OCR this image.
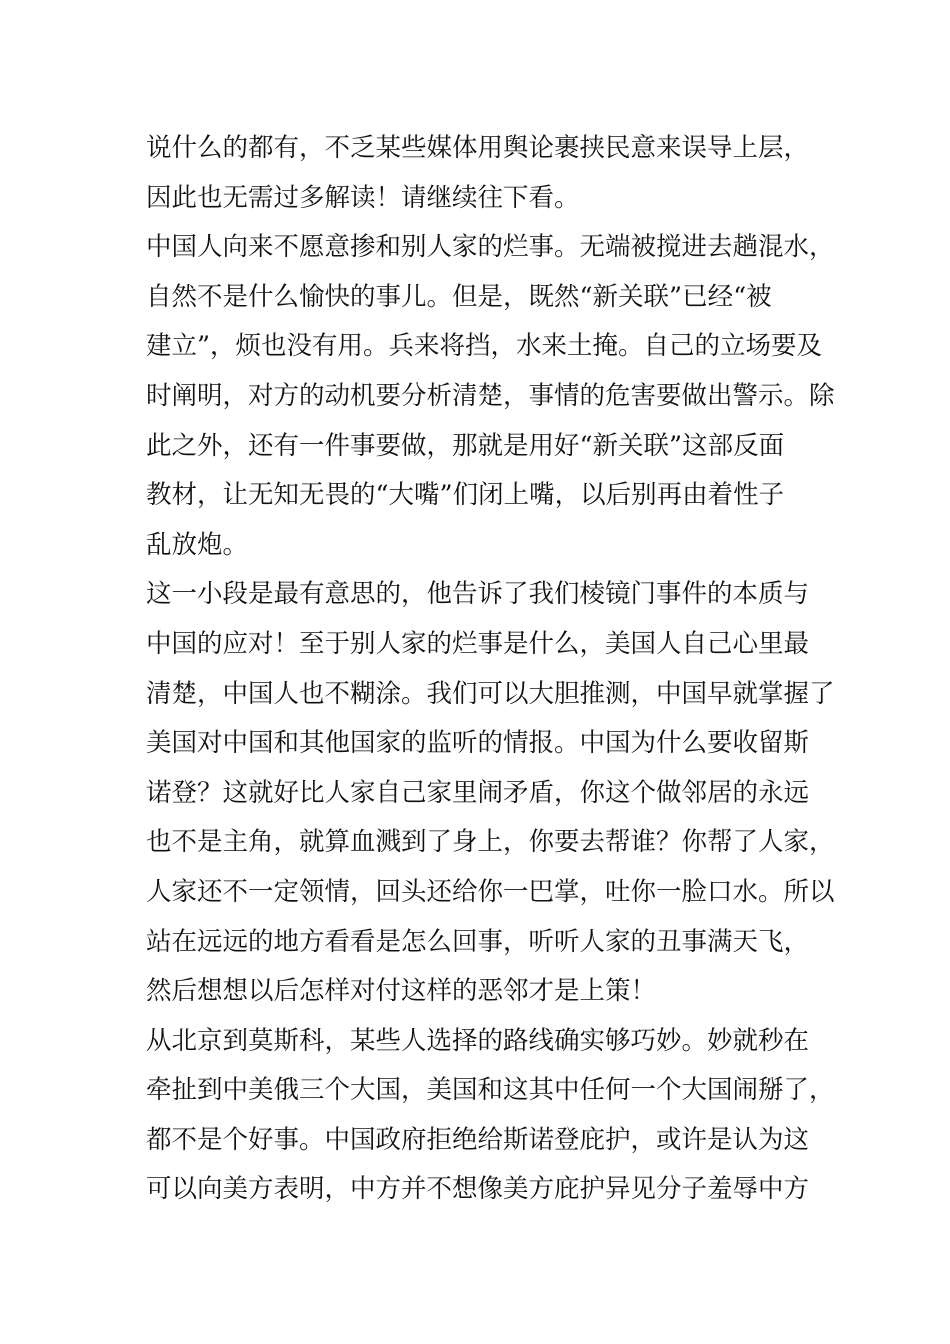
说什么的都有，不乏某些媒体用舆论裹挟民意来误导上层，
因此也无需过多解读！请继续往下看。
中国人向来不愿意掺和别人家的烂事。无端被搅进去趟混水，
自然不是什么愉快的事儿。但是，既然“新关联”已经“被
建立”，烦也没有用。兵来将挡，水来土掩。自己的立场要及
时阐明，对方的动机要分析清楚，事情的危害要做出警示。除
此之外，还有一件事要做，那就是用好“新关联”这部反面
教材，让无知无畏的“大嘴”们闭上嘴，以后别再由着性子
乱放炮。
这一小段是最有意思的，他告诉了我们棱镜门事件的本质与
中国的应对！至于别人家的烂事是什么，美国人自己心里最
清楚，中国人也不糊涂。我们可以大胆推测，中国早就掌握了
美国对中国和其他国家的监听的情报。中国为什么要收留斯
诺登？这就好比人家自己家里闹矛盾，你这个做邻居的永远
也不是主角，就算血溅到了身上，你要去帮谁？你帮了人家，
人家还不一定领情，回头还给你一巴掌，吐你一脸口水。所以
站在远远的地方看看是怎么回事，听听人家的丑事满天飞，
然后想想以后怎样对付这样的恶邻才是上策！
从北京到莫斯科，某些人选择的路线确实够巧妙。妙就秒在
牵扯到中美俄三个大国，美国和这其中任何一个大国闹掰了，
都不是个好事。中国政府拒绝给斯诺登庇护，或许是认为这
可以向美方表明，中方并不想像美方庇护异见分子羞辱中方
